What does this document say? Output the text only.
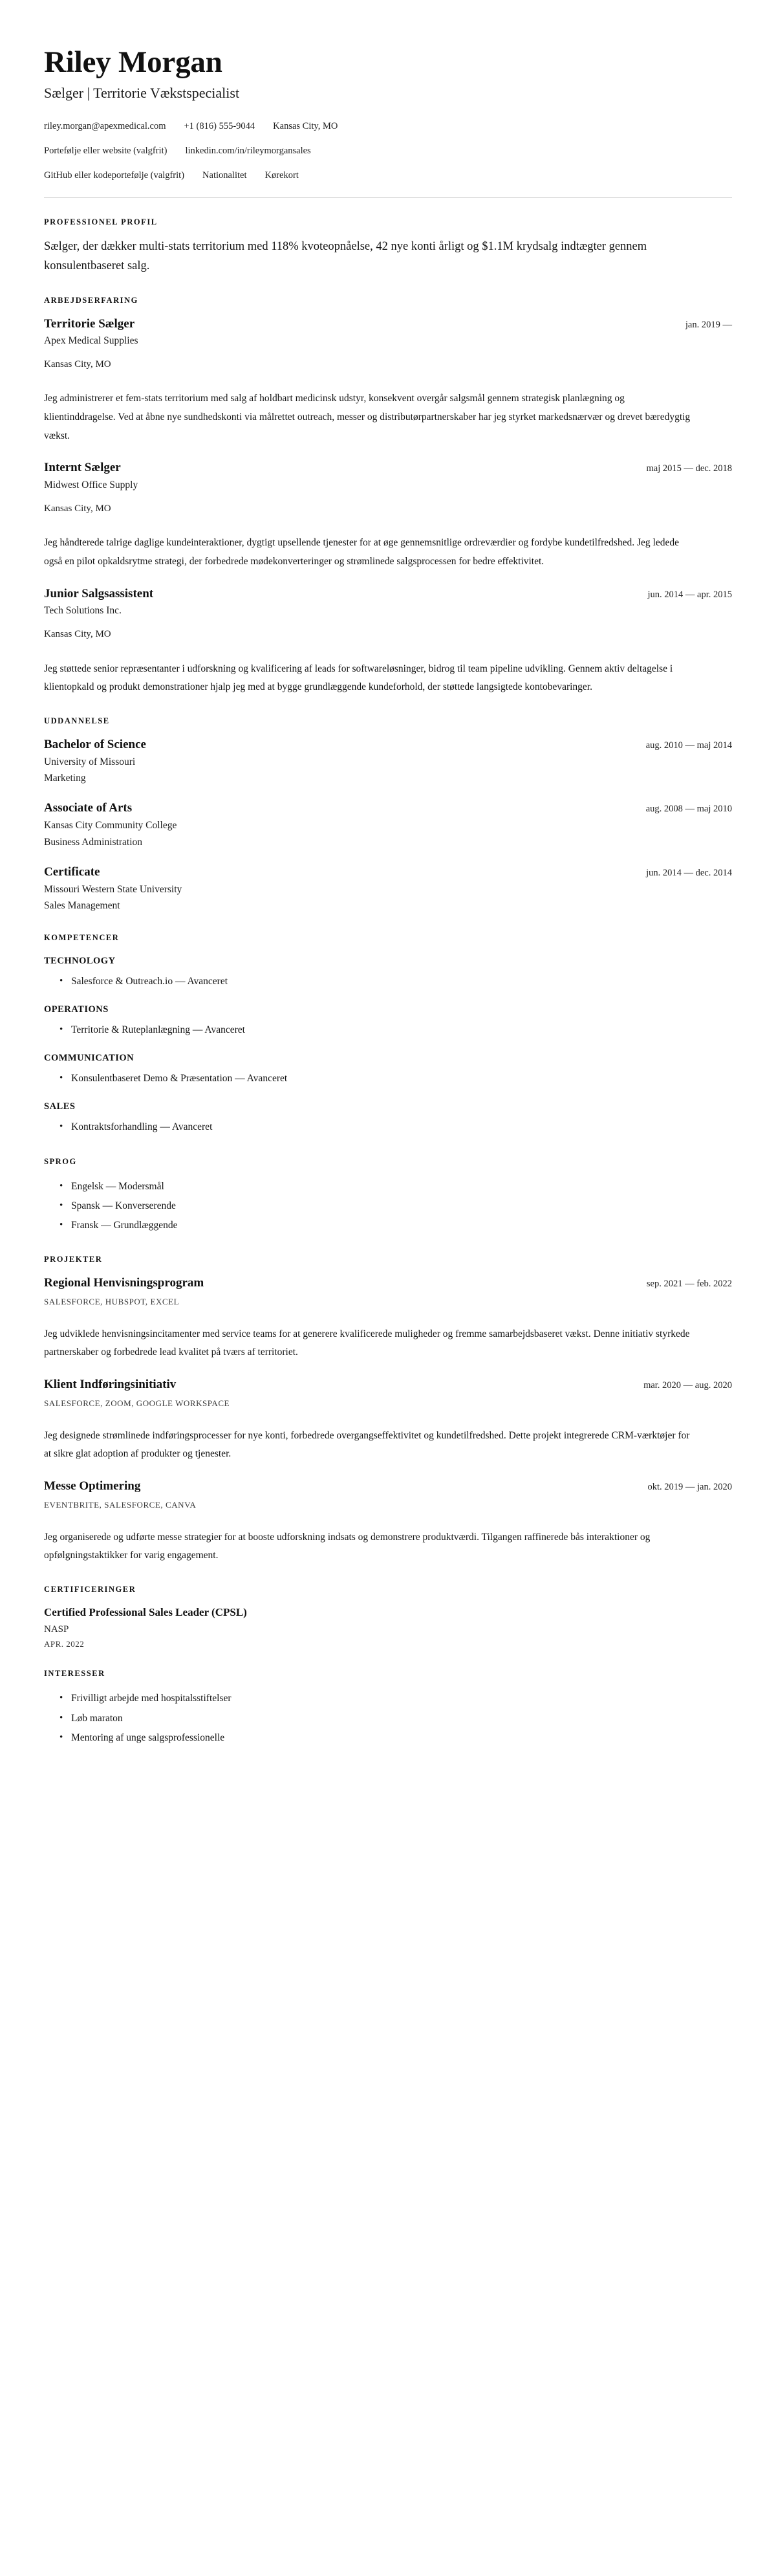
Riley Morgan
Sælger | Territorie Vækstspecialist
riley.morgan@apexmedical.com +1 (816) 555-9044 Kansas City, MO
Portefølje eller website (valgfrit) linkedin.com/in/rileymorgansales
GitHub eller kodeportefølje (valgfrit) Nationalitet Kørekort
PROFESSIONEL PROFIL

Sælger, der dækker multi-stats territorium med 118% kvoteopnåelse, 42 nye konti årligt og $1.1M krydsalg indtægter gennem konsulentbaseret salg.

ARBEJDSERFARING
Territorie Sælger	jan. 2019 —
Apex Medical Supplies
Kansas City, MO
Jeg administrerer et fem-stats territorium med salg af holdbart medicinsk udstyr, konsekvent overgår salgsmål gennem strategisk planlægning og klientinddragelse. Ved at åbne nye sundhedskonti via målrettet outreach, messer og distributørpartnerskaber har jeg styrket markedsnærvær og drevet bæredygtig vækst.
Internt Sælger	maj 2015 — dec. 2018
Midwest Office Supply
Kansas City, MO
Jeg håndterede talrige daglige kundeinteraktioner, dygtigt upsellende tjenester for at øge gennemsnitlige ordreværdier og fordybe kundetilfredshed. Jeg ledede også en pilot opkaldsrytme strategi, der forbedrede mødekonverteringer og strømlinede salgsprocessen for bedre effektivitet.
Junior Salgsassistent	jun. 2014 — apr. 2015
Tech Solutions Inc.
Kansas City, MO
Jeg støttede senior repræsentanter i udforskning og kvalificering af leads for softwareløsninger, bidrog til team pipeline udvikling. Gennem aktiv deltagelse i klientopkald og produkt demonstrationer hjalp jeg med at bygge grundlæggende kundeforhold, der støttede langsigtede kontobevaringer.
UDDANNELSE
Bachelor of Science	aug. 2010 — maj 2014
University of Missouri
Marketing
Associate of Arts	aug. 2008 — maj 2010
Kansas City Community College
Business Administration
Certificate	jun. 2014 — dec. 2014
Missouri Western State University
Sales Management
KOMPETENCER
TECHNOLOGY
• Salesforce & Outreach.io — Avanceret
OPERATIONS
• Territorie & Ruteplanlægning — Avanceret
COMMUNICATION
• Konsulentbaseret Demo & Præsentation — Avanceret
SALES
• Kontraktsforhandling — Avanceret
SPROG
• Engelsk — Modersmål
• Spansk — Konverserende
• Fransk — Grundlæggende
PROJEKTER
Regional Henvisningsprogram	sep. 2021 — feb. 2022
SALESFORCE, HUBSPOT, EXCEL
Jeg udviklede henvisningsincitamenter med service teams for at generere kvalificerede muligheder og fremme samarbejdsbaseret vækst. Denne initiativ styrkede partnerskaber og forbedrede lead kvalitet på tværs af territoriet.
Klient Indføringsinitiativ	mar. 2020 — aug. 2020
SALESFORCE, ZOOM, GOOGLE WORKSPACE
Jeg designede strømlinede indføringsprocesser for nye konti, forbedrede overgangseffektivitet og kundetilfredshed. Dette projekt integrerede CRM-værktøjer for at sikre glat adoption af produkter og tjenester.
Messe Optimering	okt. 2019 — jan. 2020
EVENTBRITE, SALESFORCE, CANVA
Jeg organiserede og udførte messe strategier for at booste udforskning indsats og demonstrere produktværdi. Tilgangen raffinerede bås interaktioner og opfølgningstaktikker for varig engagement.
CERTIFICERINGER
Certified Professional Sales Leader (CPSL)
NASP
APR. 2022
INTERESSER
• Frivilligt arbejde med hospitalsstiftelser
• Løb maraton
• Mentoring af unge salgsprofessionelle
